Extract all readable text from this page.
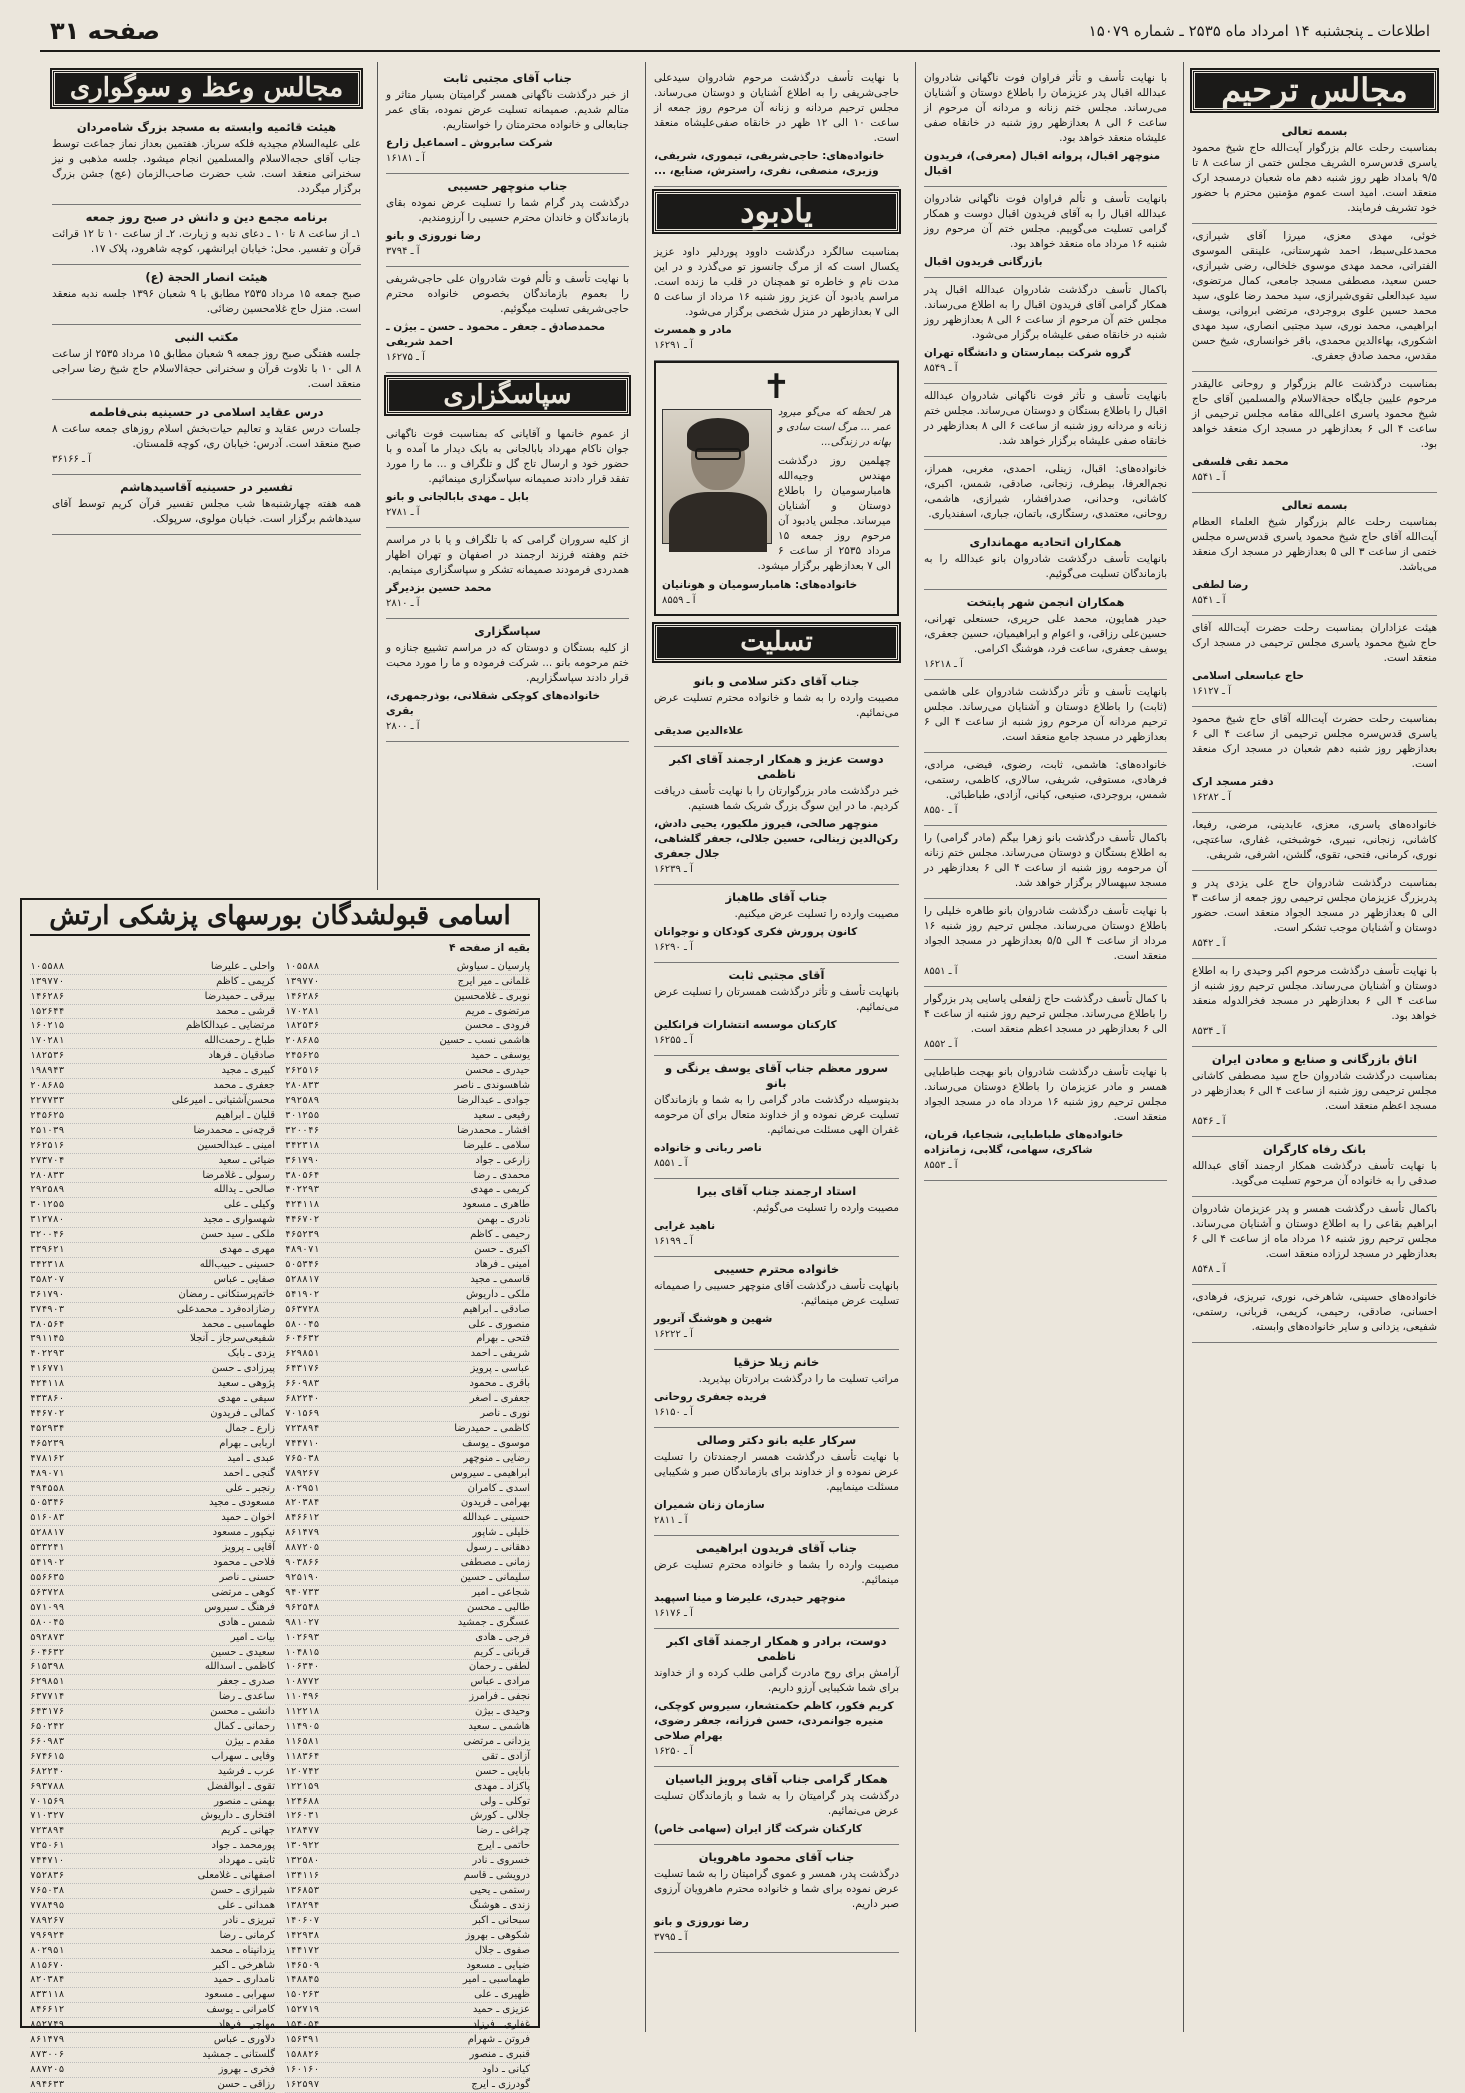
اطلاعات ـ پنجشنبه ۱۴ امرداد ماه ۲۵۳۵ ـ شماره ۱۵۰۷۹
صفحه ۳۱
مجالس ترحیم
بسمه تعالی
بمناسبت رحلت عالم بزرگوار آیت‌الله حاج شیخ محمود یاسری قدس‌سره الشریف مجلس ختمی از ساعت ۸ تا ۹/۵ بامداد ظهر روز شنبه دهم ماه شعبان درمسجد ارک منعقد است. امید است عموم مؤمنین محترم با حضور خود تشریف فرمایند.
خوئی، مهدی معزی، میرزا آقای شیرازی، محمدعلی‌سبط، احمد شهرستانی، علینقی الموسوی الفتراتی، محمد مهدی موسوی خلخالی، رضی شیرازی، حسن سعید، مصطفی مسجد جامعی، کمال مرتضوی، سید عبدالعلی تقوی‌شیرازی، سید محمد رضا علوی، سید محمد حسین علوی بروجردی، مرتضی ابروانی، یوسف ابراهیمی، محمد نوری، سید مجتبی انصاری، سید مهدی اشکوری، بهاءالدین محمدی، باقر خوانساری، شیخ حسن مقدس، محمد صادق جعفری.
بمناسبت درگذشت عالم بزرگوار و روحانی عالیقدر مرحوم علیین جایگاه حجةالاسلام والمسلمین آقای حاج شیخ محمود یاسری اعلی‌الله مقامه مجلس ترحیمی از ساعت ۴ الی ۶ بعدازظهر در مسجد ارک منعقد خواهد بود.
محمد تقی فلسفی
آ ـ ۸۵۴۱
بسمه تعالی
بمناسبت رحلت عالم بزرگوار شیخ العلماء العظام آیت‌الله آقای حاج شیخ محمود یاسری قدس‌سره مجلس ختمی از ساعت ۳ الی ۵ بعدازظهر در مسجد ارک منعقد می‌باشد.
رضا لطفی
آ ـ ۸۵۴۱
هیئت عزاداران بمناسبت رحلت حضرت آیت‌الله آقای حاج شیخ محمود یاسری مجلس ترحیمی در مسجد ارک منعقد است.
حاج عباسعلی اسلامی
آ ـ ۱۶۱۲۷
بمناسبت رحلت حضرت آیت‌الله آقای حاج شیخ محمود یاسری قدس‌سره مجلس ترحیمی از ساعت ۴ الی ۶ بعدازظهر روز شنبه دهم شعبان در مسجد ارک منعقد است.
دفتر مسجد ارک
آ ـ ۱۶۲۸۲
خانواده‌های یاسری، معزی، عابدینی، مرضی، رفیعا، کاشانی، زنجانی، نبیری، خوشبختی، غفاری، ساعتچی، نوری، کرمانی، فتحی، تقوی، گلشن، اشرفی، شریفی.
بمناسبت درگذشت شادروان حاج علی یزدی پدر و پدربزرگ عزیزمان مجلس ترحیمی روز جمعه از ساعت ۳ الی ۵ بعدازظهر در مسجد الجواد منعقد است. حضور دوستان و آشنایان موجب تشکر است.
آ ـ ۸۵۴۲
با نهایت تأسف درگذشت مرحوم اکبر وحیدی را به اطلاع دوستان و آشنایان می‌رساند. مجلس ترحیم روز شنبه از ساعت ۴ الی ۶ بعدازظهر در مسجد فخرالدوله منعقد خواهد بود.
آ ـ ۸۵۳۴
اتاق بازرگانی و صنایع و معادن ایران
بمناسبت درگذشت شادروان حاج سید مصطفی کاشانی مجلس ترحیمی روز شنبه از ساعت ۴ الی ۶ بعدازظهر در مسجد اعظم منعقد است.
آ ـ ۸۵۴۶
بانک رفاه کارگران
با نهایت تأسف درگذشت همکار ارجمند آقای عبدالله صدقی را به خانواده آن مرحوم تسلیت می‌گوید.
باکمال تأسف درگذشت همسر و پدر عزیزمان شادروان ابراهیم بقاعی را به اطلاع دوستان و آشنایان می‌رساند. مجلس ترحیم روز شنبه ۱۶ مرداد ماه از ساعت ۴ الی ۶ بعدازظهر در مسجد لرزاده منعقد است.
آ ـ ۸۵۴۸
خانواده‌های حسینی، شاهرخی، نوری، تبریزی، فرهادی، احسانی، صادقی، رحیمی، کریمی، قربانی، رستمی، شفیعی، یزدانی و سایر خانواده‌های وابسته.
با نهایت تأسف و تأثر فراوان فوت ناگهانی شادروان عبدالله اقبال پدر عزیزمان را باطلاع دوستان و آشنایان می‌رساند. مجلس ختم زنانه و مردانه آن مرحوم از ساعت ۶ الی ۸ بعدازظهر روز شنبه در خانقاه صفی علیشاه منعقد خواهد بود.
منوچهر اقبال، پروانه اقبال (معرفی)، فریدون اقبال
بانهایت تأسف و تألم فراوان فوت ناگهانی شادروان عبدالله اقبال را به آقای فریدون اقبال دوست و همکار گرامی تسلیت می‌گوییم. مجلس ختم آن مرحوم روز شنبه ۱۶ مرداد ماه منعقد خواهد بود.
بازرگانی فریدون اقبال
باکمال تأسف درگذشت شادروان عبدالله اقبال پدر همکار گرامی آقای فریدون اقبال را به اطلاع می‌رساند. مجلس ختم آن مرحوم از ساعت ۶ الی ۸ بعدازظهر روز شنبه در خانقاه صفی علیشاه برگزار می‌شود.
گروه شرکت بیمارستان و دانشگاه تهران
آ ـ ۸۵۴۹
بانهایت تأسف و تأثر فوت ناگهانی شادروان عبدالله اقبال را باطلاع بستگان و دوستان می‌رساند. مجلس ختم زنانه و مردانه روز شنبه از ساعت ۶ الی ۸ بعدازظهر در خانقاه صفی علیشاه برگزار خواهد شد.
خانواده‌های: اقبال، زینلی، احمدی، مغربی، همراز، نجم‌العرفا، بیطرف، زنجانی، صادقی، شمس، اکبری، کاشانی، وحدانی، صدرافشار، شیرازی، هاشمی، روحانی، معتمدی، رستگاری، باتمان، جباری، اسفندیاری.
همکاران اتحادیه مهمانداری
بانهایت تأسف درگذشت شادروان بانو عبدالله را به بازماندگان تسلیت می‌گوئیم.
همکاران انجمن شهر پایتخت
حیدر همایون، محمد علی حریری، حسنعلی تهرانی، حسین‌علی رزاقی، و اعوام و ابراهیمیان، حسین جعفری، یوسف جعفری، ساعت فرد، هوشنگ اکرامی.
آ ـ ۱۶۲۱۸
بانهایت تأسف و تأثر درگذشت شادروان علی هاشمی (ثابت) را باطلاع دوستان و آشنایان می‌رساند. مجلس ترحیم مردانه آن مرحوم روز شنبه از ساعت ۴ الی ۶ بعدازظهر در مسجد جامع منعقد است.
خانواده‌های: هاشمی، ثابت، رضوی، فیضی، مرادی، فرهادی، مستوفی، شریفی، سالاری، کاظمی، رستمی، شمس، بروجردی، صنیعی، کیانی، آزادی، طباطبائی.
آ ـ ۸۵۵۰
باکمال تأسف درگذشت بانو زهرا بیگم (مادر گرامی) را به اطلاع بستگان و دوستان می‌رساند. مجلس ختم زنانه آن مرحومه روز شنبه از ساعت ۴ الی ۶ بعدازظهر در مسجد سپهسالار برگزار خواهد شد.
با نهایت تأسف درگذشت شادروان بانو طاهره خلیلی را باطلاع دوستان می‌رساند. مجلس ترحیم روز شنبه ۱۶ مرداد از ساعت ۴ الی ۵/۵ بعدازظهر در مسجد الجواد منعقد است.
آ ـ ۸۵۵۱
با کمال تأسف درگذشت حاج زلفعلی یاسایی پدر بزرگوار را باطلاع می‌رساند. مجلس ترحیم روز شنبه از ساعت ۴ الی ۶ بعدازظهر در مسجد اعظم منعقد است.
آ ـ ۸۵۵۲
با نهایت تأسف درگذشت شادروان بانو بهجت طباطبایی همسر و مادر عزیزمان را باطلاع دوستان می‌رساند. مجلس ترحیم روز شنبه ۱۶ مرداد ماه در مسجد الجواد منعقد است.
خانواده‌های طباطبایی، شجاعیا، قربان، شاکری، سهامی، گلابی، زمانزاده
آ ـ ۸۵۵۳
با نهایت تأسف درگذشت مرحوم شادروان سیدعلی حاجی‌شریفی را به اطلاع آشنایان و دوستان می‌رساند. مجلس ترحیم مردانه و زنانه آن مرحوم روز جمعه از ساعت ۱۰ الی ۱۲ ظهر در خانقاه صفی‌علیشاه منعقد است.
خانواده‌های: حاجی‌شریفی، تیموری، شریفی، وزیری، منصفی، نفری، راسترش، صنایع، ...
یادبود
بمناسبت سالگرد درگذشت داوود پوردلیر داود عزیز یکسال است که از مرگ جانسوز تو می‌گذرد و در این مدت نام و خاطره تو همچنان در قلب ما زنده است. مراسم یادبود آن عزیز روز شنبه ۱۶ مرداد از ساعت ۵ الی ۷ بعدازظهر در منزل شخصی برگزار می‌شود.
مادر و همسرت
آ ـ ۱۶۲۹۱
✝
هر لحظه که می‌گو میرود عمر ... مرگ است سادی و بهانه در زندگی...
چهلمین روز درگذشت مهندس وجیه‌الله هامبارسومیان را باطلاع دوستان و آشنایان میرساند. مجلس یادبود آن مرحوم روز جمعه ۱۵ مرداد ۲۵۳۵ از ساعت ۶ الی ۷ بعدازظهر برگزار میشود.
خانواده‌های: هامبارسومیان و هونانیان
آ ـ ۸۵۵۹
تسلیت
جناب آقای دکتر سلامی و بانو
مصیبت وارده را به شما و خانواده محترم تسلیت عرض می‌نمائیم.
علاءالدین صدیقی
دوست عزیز و همکار ارجمند آقای اکبر ناظمی
خبر درگذشت مادر بزرگوارتان را با نهایت تأسف دریافت کردیم. ما در این سوگ بزرگ شریک شما هستیم.
منوچهر صالحی، فیروز ملکیور، یحیی دادش، رکن‌الدین زینالی، حسین جلالی، جعفر گلشاهی، جلال جعفری
آ ـ ۱۶۲۳۹
جناب آقای طاهباز
مصیبت وارده را تسلیت عرض میکنیم.
کانون پرورش فکری کودکان و نوجوانان
آ ـ ۱۶۲۹۰
آقای مجتبی ثابت
بانهایت تأسف و تأثر درگذشت همسرتان را تسلیت عرض می‌نمائیم.
کارکنان موسسه انتشارات فرانکلین
آ ـ ۱۶۲۵۵
سرور معظم جناب آقای یوسف یرنگی و بانو
بدینوسیله درگذشت مادر گرامی را به شما و بازماندگان تسلیت عرض نموده و از خداوند متعال برای آن مرحومه غفران الهی مسئلت می‌نمائیم.
ناصر ربانی و خانواده
آ ـ ۸۵۵۱
استاد ارجمند جناب آقای بیرا
مصیبت وارده را تسلیت می‌گوئیم.
ناهید غرایی
آ ـ ۱۶۱۹۹
خانواده محترم حسیبی
بانهایت تأسف درگذشت آقای منوچهر حسیبی را صمیمانه تسلیت عرض مینمائیم.
شهین و هوشنگ آتریور
آ ـ ۱۶۲۲۲
خانم زیلا حزقیا
مراتب تسلیت ما را درگذشت برادرتان بپذیرید.
فریده جعفری روحانی
آ ـ ۱۶۱۵۰
سرکار علیه بانو دکتر وصالی
با نهایت تأسف درگذشت همسر ارجمندتان را تسلیت عرض نموده و از خداوند برای بازماندگان صبر و شکیبایی مسئلت مینماییم.
سازمان زنان شمیران
آ ـ ۲۸۱۱
جناب آقای فریدون ابراهیمی
مصیبت وارده را بشما و خانواده محترم تسلیت عرض مینمائیم.
منوچهر حیدری، علیرضا و مینا اسپهبد
آ ـ ۱۶۱۷۶
دوست، برادر و همکار ارجمند آقای اکبر ناظمی
آرامش برای روح مادرت گرامی طلب کرده و از خداوند برای شما شکیبایی آرزو داریم.
کریم فکور، کاظم حکمتشعار، سیروس کوچکی، منیره جوانمردی، حسن فرزانه، جعفر رضوی، بهرام صلاحی
آ ـ ۱۶۲۵۰
همکار گرامی جناب آقای پرویز الیاسیان
درگذشت پدر گرامیتان را به شما و بازماندگان تسلیت عرض می‌نمائیم.
کارکنان شرکت گاز ایران (سهامی خاص)
جناب آقای محمود ماهرویان
درگذشت پدر، همسر و عموی گرامیتان را به شما تسلیت عرض نموده برای شما و خانواده محترم ماهرویان آرزوی صبر داریم.
رضا نوروزی و بانو
آ ـ ۳۷۹۵
جناب آقای مجتبی ثابت
از خبر درگذشت ناگهانی همسر گرامیتان بسیار متاثر و متالم شدیم. صمیمانه تسلیت عرض نموده، بقای عمر جنابعالی و خانواده محترمتان را خواستاریم.
شرکت سابروش ـ اسماعیل زارع
آ ـ ۱۶۱۸۱
جناب منوچهر حسیبی
درگذشت پدر گرام شما را تسلیت عرض نموده بقای بازماندگان و خاندان محترم حسیبی را آرزومندیم.
رضا نوروزی و بانو
آ ـ ۳۷۹۴
با نهایت تأسف و تألم فوت شادروان علی حاجی‌شریفی را بعموم بازماندگان بخصوص خانواده محترم حاجی‌شریفی تسلیت میگوئیم.
محمدصادق ـ جعفر ـ محمود ـ حسن ـ بیژن ـ احمد شریفی
آ ـ ۱۶۲۷۵
سپاسگزاری
از عموم خانمها و آقایانی که بمناسبت فوت ناگهانی جوان ناکام مهرداد بابالجانی به بابک دیدار ما آمده و با حضور خود و ارسال تاج گل و تلگراف و ... ما را مورد تفقد قرار دادند صمیمانه سپاسگزاری مینمائیم.
بابل ـ مهدی بابالجانی و بانو
آ ـ ۲۷۸۱
از کلیه سروران گرامی که با تلگراف و یا با در مراسم ختم وهفته فرزند ارجمند در اصفهان و تهران اظهار همدردی فرمودند صمیمانه تشکر و سپاسگزاری مینمایم.
محمد حسین بزدیرگر
آ ـ ۲۸۱۰
سپاسگزاری
از کلیه بستگان و دوستان که در مراسم تشییع جنازه و ختم مرحومه بانو ... شرکت فرموده و ما را مورد محبت قرار دادند سپاسگزاریم.
خانواده‌های کوچکی شقلانی، بوذرجمهری، بقری
آ ـ ۲۸۰۰
مجالس وعظ و سوگواری
هیئت قائمیه وابسته به مسجد بزرگ شاه‌مردان
علی علیه‌السلام مجیدیه فلکه سرباز. هفتمین بعداز نماز جماعت توسط جناب آقای حجه‌الاسلام والمسلمین انجام میشود. جلسه مذهبی و نیز سخنرانی منعقد است. شب حضرت صاحب‌الزمان (عج) جشن بزرگ برگزار میگردد.
برنامه مجمع دین و دانش در صبح روز جمعه
۱ـ از ساعت ۸ تا ۱۰ ـ دعای ندبه و زیارت. ۲ـ از ساعت ۱۰ تا ۱۲ قرائت قرآن و تفسیر. محل: خیابان ایرانشهر، کوچه شاهرود، پلاک ۱۷.
هیئت انصار الحجة (ع)
صبح جمعه ۱۵ مرداد ۲۵۳۵ مطابق با ۹ شعبان ۱۳۹۶ جلسه ندبه منعقد است. منزل حاج غلامحسین رضائی.
مکتب النبی
جلسه هفتگی صبح روز جمعه ۹ شعبان مطابق ۱۵ مرداد ۲۵۳۵ از ساعت ۸ الی ۱۰ با تلاوت قرآن و سخنرانی حجةالاسلام حاج شیخ رضا سراجی منعقد است.
درس عقاید اسلامی در حسینیه بنی‌فاطمه
جلسات درس عقاید و تعالیم حیات‌بخش اسلام روزهای جمعه ساعت ۸ صبح منعقد است. آدرس: خیابان ری، کوچه قلمستان.
آ ـ ۳۶۱۶۶
تفسیر در حسینیه آقاسیدهاشم
همه هفته چهارشنبه‌ها شب مجلس تفسیر قرآن کریم توسط آقای سیدهاشم برگزار است. خیابان مولوی، سرپولک.
اسامی قبولشدگان بورسهای پزشکی ارتش
بقیه از صفحه ۴
پارسیان ـ سیاوش
۱۰۵۵۸۸
غلمانی ـ میر ایرج
۱۳۹۷۷۰
نوبری ـ غلامحسین
۱۴۶۲۸۶
مرتضوی ـ مریم
۱۷۰۲۸۱
فرودی ـ محسن
۱۸۲۵۳۶
هاشمی نسب ـ حسین
۲۰۸۶۸۵
یوسفی ـ حمید
۲۴۵۶۲۵
حیدری ـ محسن
۲۶۲۵۱۶
شاهسوندی ـ ناصر
۲۸۰۸۳۳
جوادی ـ عبدالرضا
۲۹۲۵۸۹
رفیعی ـ سعید
۳۰۱۲۵۵
افشار ـ محمدرضا
۳۲۰۰۴۶
سلامی ـ علیرضا
۳۴۲۳۱۸
زارعی ـ جواد
۳۶۱۷۹۰
محمدی ـ رضا
۳۸۰۵۶۴
کریمی ـ مهدی
۴۰۲۲۹۳
طاهری ـ مسعود
۴۲۴۱۱۸
نادری ـ بهمن
۴۴۶۷۰۲
رحیمی ـ کاظم
۴۶۵۲۳۹
اکبری ـ حسن
۴۸۹۰۷۱
امینی ـ فرهاد
۵۰۵۳۴۶
قاسمی ـ مجید
۵۲۸۸۱۷
ملکی ـ داریوش
۵۴۱۹۰۲
صادقی ـ ابراهیم
۵۶۳۷۲۸
منصوری ـ علی
۵۸۰۰۴۵
فتحی ـ بهرام
۶۰۴۶۳۲
شریفی ـ احمد
۶۲۹۸۵۱
عباسی ـ پرویز
۶۴۳۱۷۶
باقری ـ محمود
۶۶۰۹۸۳
جعفری ـ اصغر
۶۸۲۲۴۰
نوری ـ ناصر
۷۰۱۵۶۹
کاظمی ـ حمیدرضا
۷۲۳۸۹۴
موسوی ـ یوسف
۷۴۴۷۱۰
رضایی ـ منوچهر
۷۶۵۰۳۸
ابراهیمی ـ سیروس
۷۸۹۲۶۷
اسدی ـ کامران
۸۰۲۹۵۱
بهرامی ـ فریدون
۸۲۰۳۸۴
حسینی ـ عبدالله
۸۴۶۶۱۲
خلیلی ـ شاپور
۸۶۱۴۷۹
دهقانی ـ رسول
۸۸۷۲۰۵
زمانی ـ مصطفی
۹۰۳۸۶۶
سلیمانی ـ حسین
۹۲۵۱۹۰
شجاعی ـ امیر
۹۴۰۷۳۳
طالبی ـ محسن
۹۶۲۵۴۸
عسگری ـ جمشید
۹۸۱۰۲۷
فرجی ـ هادی
۱۰۲۶۹۳
قربانی ـ کریم
۱۰۴۸۱۵
لطفی ـ رحمان
۱۰۶۳۴۰
مرادی ـ عباس
۱۰۸۷۷۲
نجفی ـ فرامرز
۱۱۰۴۹۶
وحیدی ـ بیژن
۱۱۲۲۱۸
هاشمی ـ سعید
۱۱۴۹۰۵
یزدانی ـ مرتضی
۱۱۶۵۸۱
آزادی ـ تقی
۱۱۸۳۶۴
بابایی ـ حسن
۱۲۰۷۴۲
پاکزاد ـ مهدی
۱۲۲۱۵۹
توکلی ـ ولی
۱۲۴۶۸۸
جلالی ـ کورش
۱۲۶۰۳۱
چراغی ـ رضا
۱۲۸۴۷۷
حاتمی ـ ایرج
۱۳۰۹۲۲
خسروی ـ نادر
۱۳۲۵۸۰
درویشی ـ قاسم
۱۳۴۱۱۶
رستمی ـ یحیی
۱۳۶۸۵۳
زندی ـ هوشنگ
۱۳۸۲۹۴
سبحانی ـ اکبر
۱۴۰۶۰۷
شکوهی ـ بهروز
۱۴۲۹۳۸
صفوی ـ جلال
۱۴۴۱۷۲
ضیایی ـ مسعود
۱۴۶۵۰۹
طهماسبی ـ امیر
۱۴۸۸۴۵
ظهیری ـ علی
۱۵۰۲۶۳
عزیزی ـ حمید
۱۵۲۷۱۹
غفاری ـ فرزاد
۱۵۴۰۵۴
فروتن ـ شهرام
۱۵۶۳۹۱
قنبری ـ منصور
۱۵۸۸۲۶
کیانی ـ داود
۱۶۰۱۶۰
گودرزی ـ ایرج
۱۶۲۵۹۷
واحلی ـ علیرضا
۱۰۵۵۸۸
کریمی ـ کاظم
۱۳۹۷۷۰
بیرقی ـ حمیدرضا
۱۴۶۲۸۶
قرشی ـ محمد
۱۵۲۶۴۴
مرتضایی ـ عبدالکاظم
۱۶۰۲۱۵
طباخ ـ رحمت‌الله
۱۷۰۲۸۱
صادقیان ـ فرهاد
۱۸۲۵۳۶
کبیری ـ مجید
۱۹۸۹۴۳
جعفری ـ محمد
۲۰۸۶۸۵
محسن‌آشتیانی ـ امیرعلی
۲۲۷۷۳۳
قلیان ـ ابراهیم
۲۴۵۶۲۵
قرچه‌نی ـ محمدرضا
۲۵۱۰۳۹
امینی ـ عبدالحسین
۲۶۲۵۱۶
ضیائی ـ سعید
۲۷۳۷۰۴
رسولی ـ غلامرضا
۲۸۰۸۳۳
صالحی ـ یدالله
۲۹۲۵۸۹
وکیلی ـ علی
۳۰۱۲۵۵
شهسواری ـ مجید
۳۱۲۷۸۰
ملکی ـ سید حسن
۳۲۰۰۴۶
مهری ـ مهدی
۳۳۹۶۲۱
حسینی ـ حبیب‌الله
۳۴۲۳۱۸
صفایی ـ عباس
۳۵۸۲۰۷
خاتم‌پرستکانی ـ رمضان
۳۶۱۷۹۰
رضازاده‌فرد ـ محمدعلی
۳۷۴۹۰۳
طهماسبی ـ محمد
۳۸۰۵۶۴
شفیعی‌سرجاز ـ آنجلا
۳۹۱۱۴۵
یزدی ـ بابک
۴۰۲۲۹۳
پیرزادی ـ حسن
۴۱۶۷۷۱
پژوهی ـ سعید
۴۲۴۱۱۸
سیفی ـ مهدی
۴۳۳۸۶۰
کمالی ـ فریدون
۴۴۶۷۰۲
زارع ـ جمال
۴۵۲۹۳۴
اربابی ـ بهرام
۴۶۵۲۳۹
عبدی ـ امید
۴۷۸۱۶۲
گنجی ـ احمد
۴۸۹۰۷۱
رنجبر ـ علی
۴۹۴۵۵۸
مسعودی ـ مجید
۵۰۵۳۴۶
اخوان ـ حمید
۵۱۶۰۸۳
نیکپور ـ مسعود
۵۲۸۸۱۷
آقایی ـ پرویز
۵۳۳۲۴۱
فلاحی ـ محمود
۵۴۱۹۰۲
حسنی ـ ناصر
۵۵۶۶۳۵
کوهی ـ مرتضی
۵۶۳۷۲۸
فرهنگ ـ سیروس
۵۷۱۰۹۹
شمس ـ هادی
۵۸۰۰۴۵
بیات ـ امیر
۵۹۲۸۷۳
سعیدی ـ حسین
۶۰۴۶۳۲
کاظمی ـ اسدالله
۶۱۵۳۹۸
صدری ـ جعفر
۶۲۹۸۵۱
ساعدی ـ رضا
۶۳۷۷۱۴
دانشی ـ محسن
۶۴۳۱۷۶
رحمانی ـ کمال
۶۵۰۲۴۲
مقدم ـ بیژن
۶۶۰۹۸۳
وفایی ـ سهراب
۶۷۴۶۱۵
عرب ـ فرشید
۶۸۲۲۴۰
تقوی ـ ابوالفضل
۶۹۳۷۸۸
بهمنی ـ منصور
۷۰۱۵۶۹
افتخاری ـ داریوش
۷۱۰۳۲۷
جهانی ـ کریم
۷۲۳۸۹۴
پورمحمد ـ جواد
۷۳۵۰۶۱
ثابتی ـ مهرداد
۷۴۴۷۱۰
اصفهانی ـ غلامعلی
۷۵۲۸۳۶
شیرازی ـ حسن
۷۶۵۰۳۸
همدانی ـ علی
۷۷۸۴۹۵
تبریزی ـ نادر
۷۸۹۲۶۷
کرمانی ـ رضا
۷۹۶۹۲۴
یزدانپناه ـ محمد
۸۰۲۹۵۱
شاهرخی ـ اکبر
۸۱۵۶۷۰
نامداری ـ حمید
۸۲۰۳۸۴
سهرابی ـ مسعود
۸۳۳۱۱۸
کامرانی ـ یوسف
۸۴۶۶۱۲
مهاجر ـ فرهاد
۸۵۲۷۴۹
دلاوری ـ عباس
۸۶۱۴۷۹
گلستانی ـ جمشید
۸۷۳۰۰۶
فخری ـ بهروز
۸۸۷۲۰۵
رزاقی ـ حسن
۸۹۴۶۳۳
